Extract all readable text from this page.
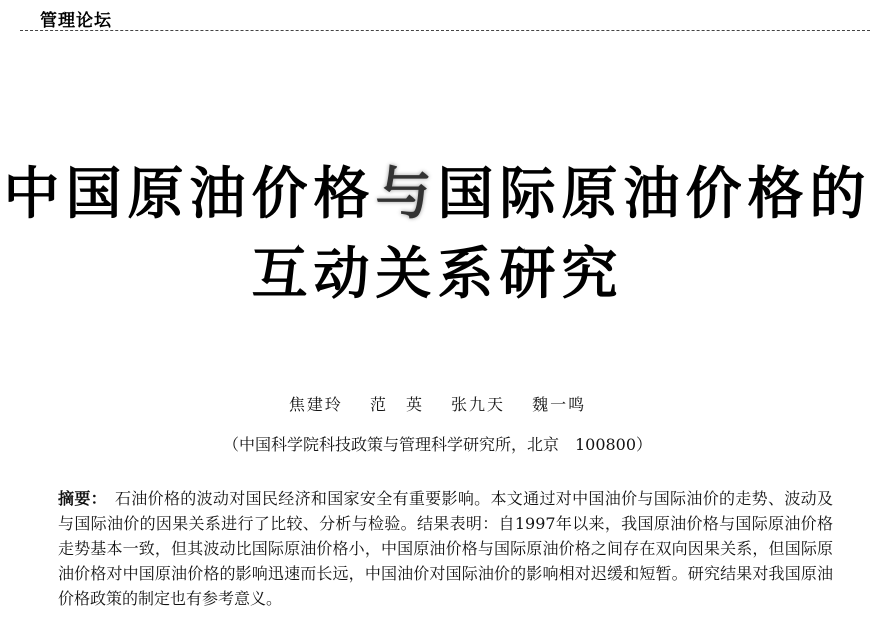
管理论坛
中国原油价格与国际原油价格的
互动关系研究
焦建玲 范　英 张九天 魏一鸣
（中国科学院科技政策与管理科学研究所，北京　100800）
摘要： 石油价格的波动对国民经济和国家安全有重要影响。本文通过对中国油价与国际油价的走势、波动及与国际油价的因果关系进行了比较、分析与检验。结果表明：自1997年以来，我国原油价格与国际原油价格走势基本一致，但其波动比国际原油价格小，中国原油价格与国际原油价格之间存在双向因果关系，但国际原油价格对中国原油价格的影响迅速而长远，中国油价对国际油价的影响相对迟缓和短暂。研究结果对我国原油价格政策的制定也有参考意义。
